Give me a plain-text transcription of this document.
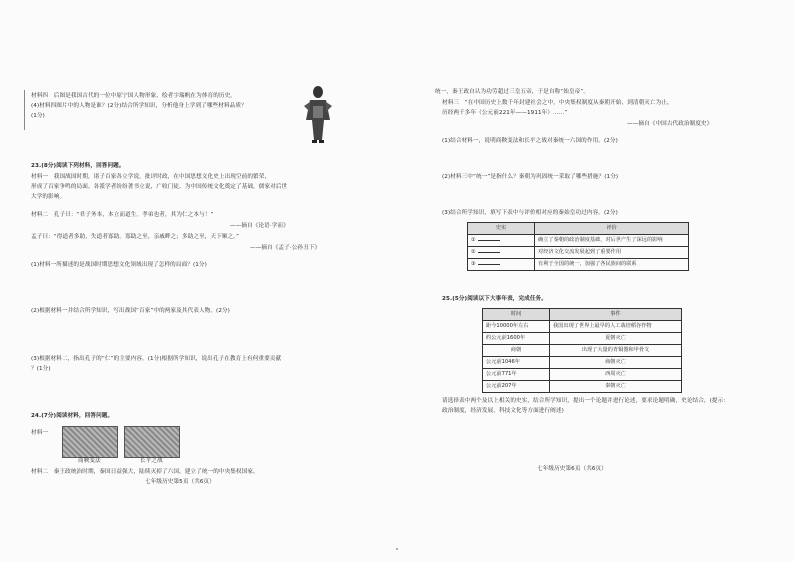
材料四　后图是我国古代的一位中原宁国人物形象，绘者字瑞帆在为体育的历史。
(4)材料四图片中的人物是谁？(2分)结合所学知识，分析他身上学到了哪些材料品质？
(1分)
23.(8分)阅读下列材料，回答问题。
材料一　我国战国时期，诸子百家各立学说，批评时政，在中国思想文化史上出现空前的繁荣，
形成了百家争鸣的局面。各派学者纷纷著书立说，广收门徒，为中国传统文化奠定了基础，儒家对后世
大学的影响。
材料二　孔子曰：“君子务本，本立而道生。孝弟也者，其为仁之本与！”
——摘自《论语·学而》
孟子曰：“得道者多助，失道者寡助。寡助之至，亲戚畔之；多助之至，天下顺之。”
——摘自《孟子·公孙丑下》
(1)材料一所描述的是战国时期思想文化领域出现了怎样的局面？(1分)
(2)根据材料一并结合所学知识，写出战国“百家”中的两家及其代表人物。(2分)
(3)根据材料二，指出孔子的“仁”的主要内容。(1分)根据所学知识，说出孔子在教育上有何重要贡献
？(1分)
24.(7分)阅读材料，回答问题。
材料一
商鞅变法	长平之战
材料二　秦王政统治时期，秦国日益强大，陆续灭掉了六国，建立了统一的中央集权国家。
七年级历史第5页（共6页）
统一，秦王政自认为功劳超过三皇五帝，于是自称“始皇帝”。
材料三　“在中国历史上数千年封建社会之中，中央集权制度从秦朝开始，到清朝灭亡为止，
历经两千多年（公元前221年——1911年）……”
——摘自《中国古代政治制度史》
(1)结合材料一，说明商鞅变法和长平之战对秦统一六国的作用。(2分)
(2)材料三中“统一”是指什么？秦朝为巩固统一采取了哪些措施？(1分)
(3)结合所学知识，填写下表中与评价相对应的秦始皇功过内容。(2分)
史实	评价
①	确立了秦朝的政治制度基础，对后世产生了深远的影响
②	对经济文化交流发展起到了重要作用
③	有利于全国的统一，加强了各民族间的联系
25.(5分)阅读以下大事年表，完成任务。
时间	事件
距今10000年左右	我国出现了世界上最早的人工栽培稻谷作物
约公元前1600年	夏朝灭亡
商朝	出现了大量的青铜器和甲骨文
公元前1046年	商朝灭亡
公元前771年	西周灭亡
公元前207年	秦朝灭亡
请选择表中两个及以上相关的史实，结合所学知识，提出一个论题并进行论述，要求论题明确，史论结合，(提示：
政治制度，经济发展，科技文化等方面进行阐述)
七年级历史第6页（共6页）
